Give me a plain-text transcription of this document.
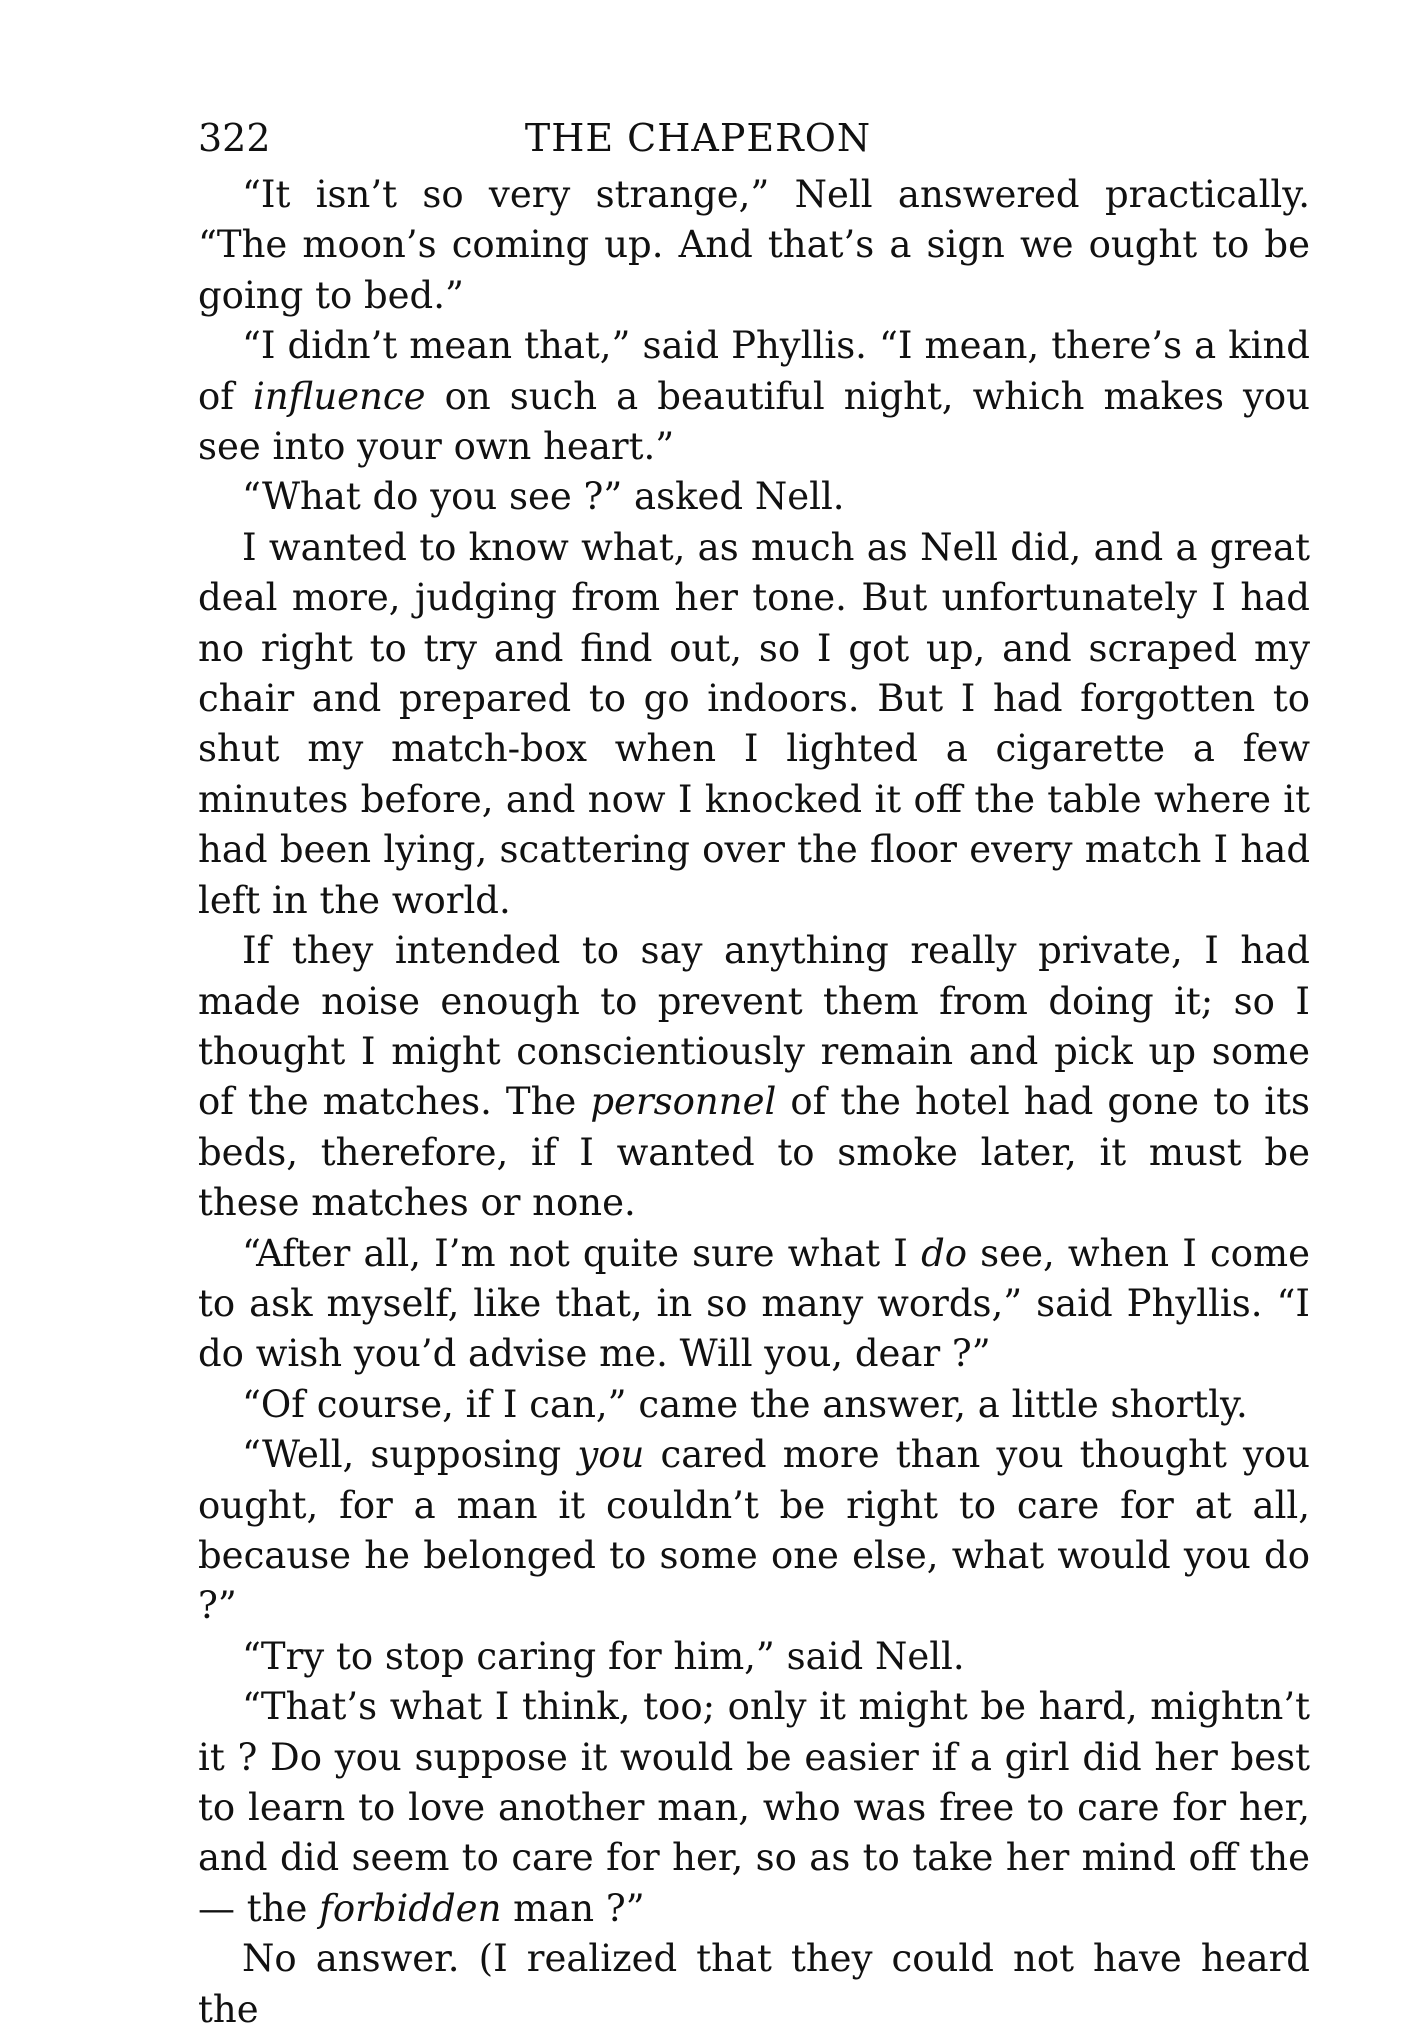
322	THE CHAPERON

“It isn’t so very strange,” Nell answered practically. “The moon’s coming up. And that’s a sign we ought to be going to bed.”

“I didn’t mean that,” said Phyllis. “I mean, there’s a kind of influence on such a beautiful night, which makes you see into your own heart.”

“What do you see ?” asked Nell.

I wanted to know what, as much as Nell did, and a great deal more, judging from her tone. But unfortunately I had no right to try and find out, so I got up, and scraped my chair and prepared to go indoors. But I had forgotten to shut my match-box when I lighted a cigarette a few minutes before, and now I knocked it off the table where it had been lying, scattering over the floor every match I had left in the world.

If they intended to say anything really private, I had made noise enough to prevent them from doing it; so I thought I might conscientiously remain and pick up some of the matches. The personnel of the hotel had gone to its beds, therefore, if I wanted to smoke later, it must be these matches or none.

“After all, I’m not quite sure what I do see, when I come to ask myself, like that, in so many words,” said Phyllis. “I do wish you’d advise me. Will you, dear ?”

“Of course, if I can,” came the answer, a little shortly.

“Well, supposing you cared more than you thought you ought, for a man it couldn’t be right to care for at all, because he belonged to some one else, what would you do ?”

“Try to stop caring for him,” said Nell.

“That’s what I think, too; only it might be hard, mightn’t it ? Do you suppose it would be easier if a girl did her best to learn to love another man, who was free to care for her, and did seem to care for her, so as to take her mind off the — the forbidden man ?”

No answer. (I realized that they could not have heard the
